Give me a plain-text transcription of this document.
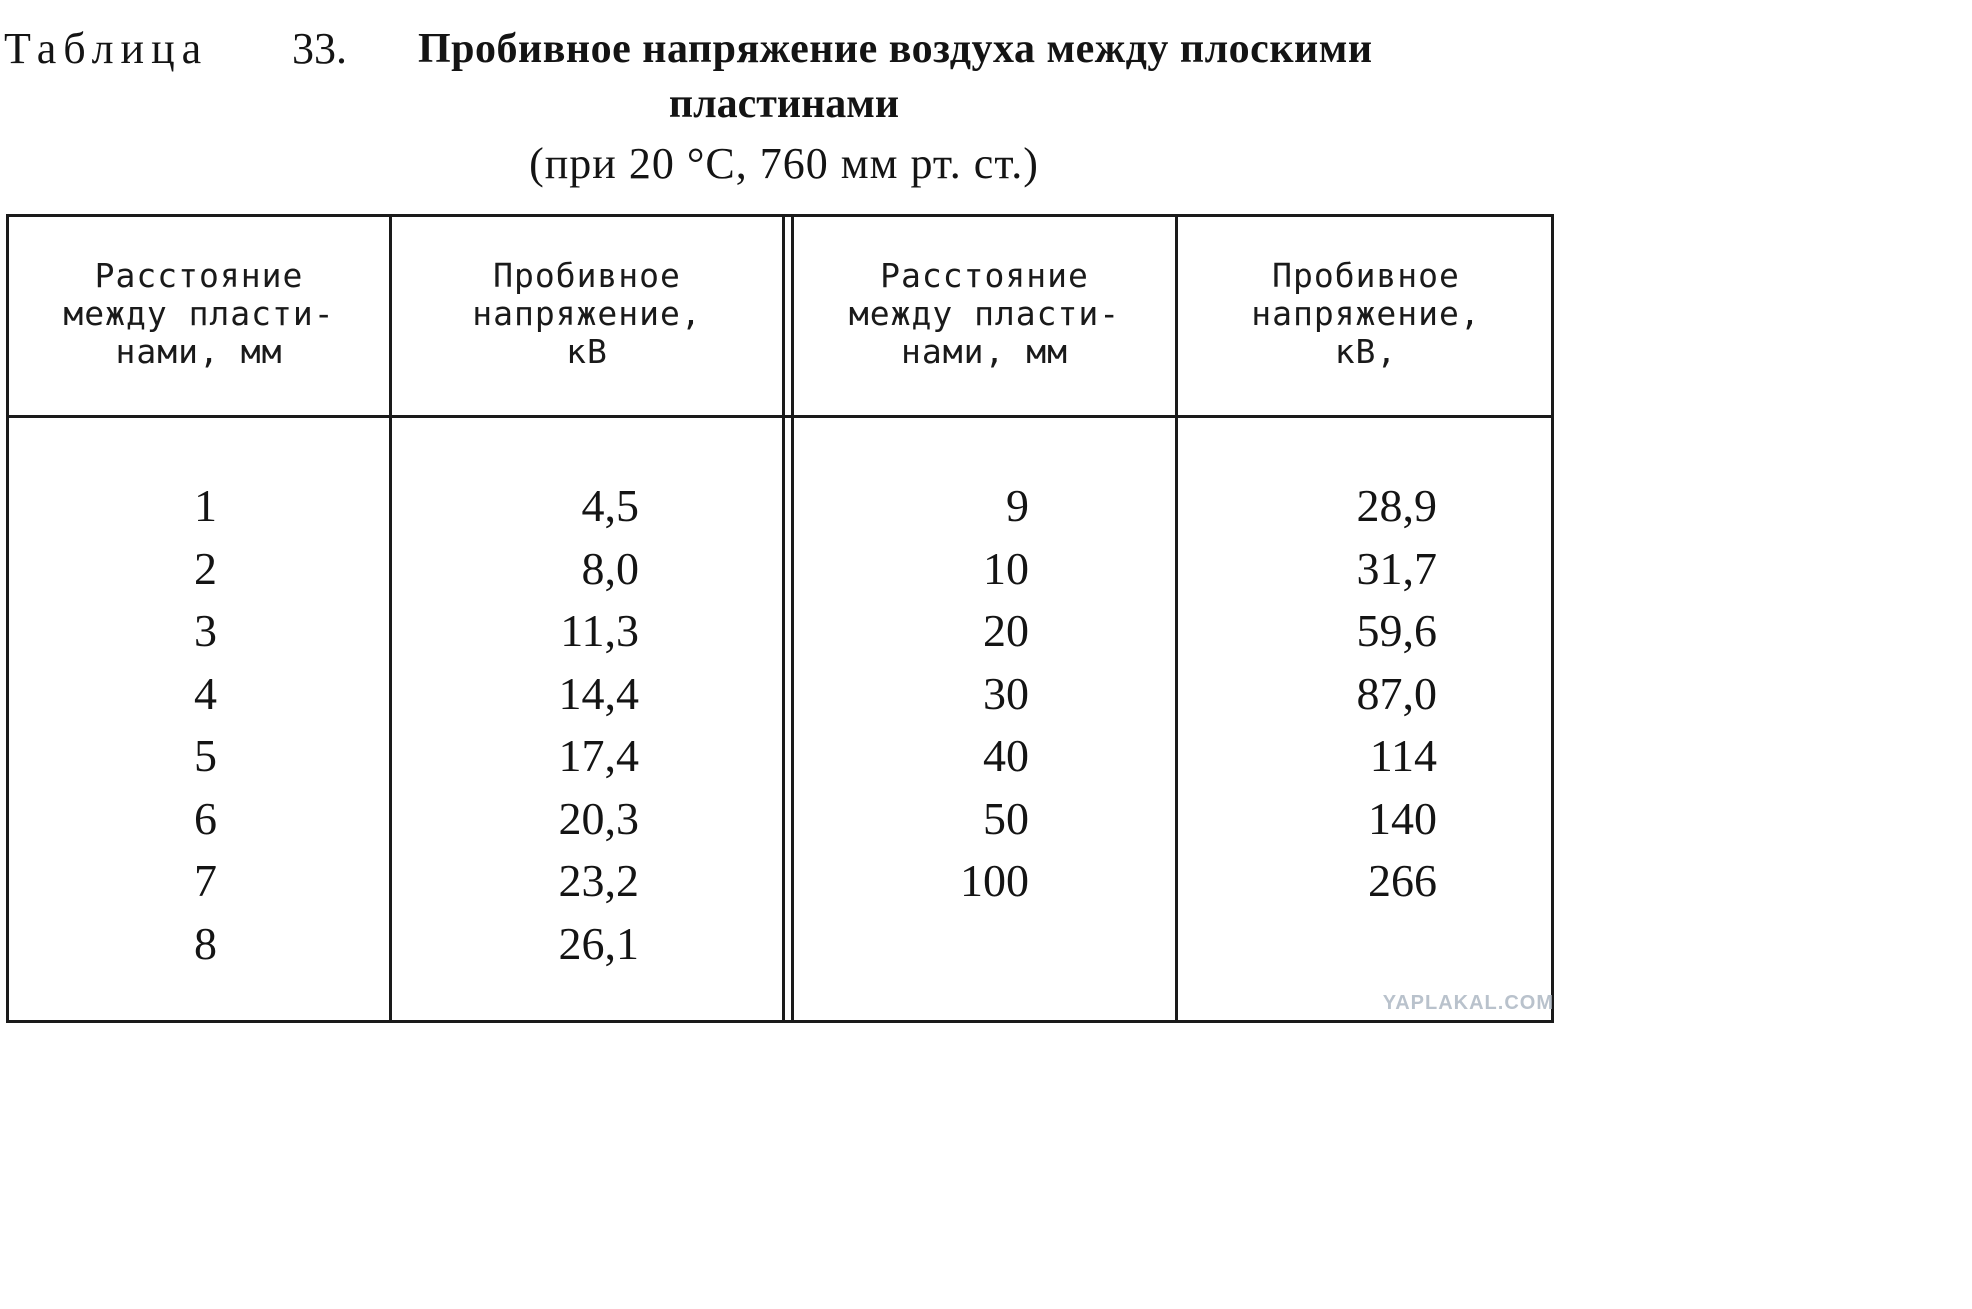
Таблица 33. Пробивное напряжение воздуха между плоскими
пластинами
(при 20 °С, 760 мм рт. ст.)
Расстояние
между пласти-
нами, мм
Пробивное
напряжение,
кВ
Расстояние
между пласти-
нами, мм
Пробивное
напряжение,
кВ,
1
2
3
4
5
6
7
8
4,5
8,0
11,3
14,4
17,4
20,3
23,2
26,1
9
10
20
30
40
50
100
28,9
31,7
59,6
87,0
114
140
266
YAPLAKAL.COM
